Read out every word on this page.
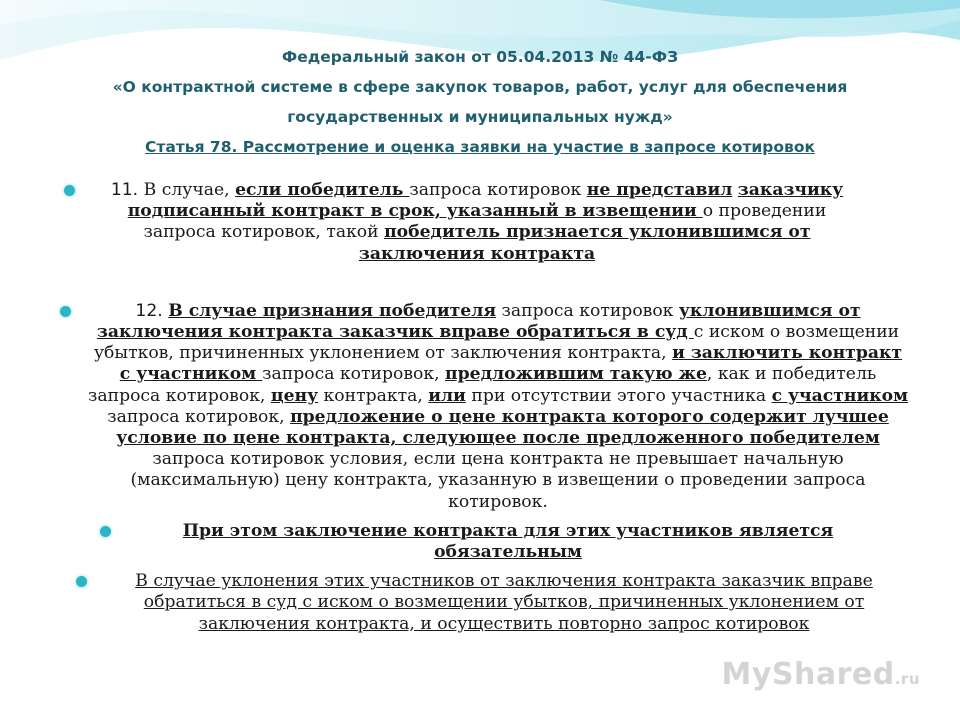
Федеральный закон от 05.04.2013 № 44-ФЗ
«О контрактной системе в сфере закупок товаров, работ, услуг для обеспечения
государственных и муниципальных нужд»
Статья 78. Рассмотрение и оценка заявки на участие в запросе котировок
11. В случае, если победитель запроса котировок не представил заказчику подписанный контракт в срок, указанный в извещении о проведении запроса котировок, такой победитель признается уклонившимся от заключения контракта
12. В случае признания победителя запроса котировок уклонившимся от заключения контракта заказчик вправе обратиться в суд с иском о возмещении убытков, причиненных уклонением от заключения контракта, и заключить контракт с участником запроса котировок, предложившим такую же, как и победитель запроса котировок, цену контракта, или при отсутствии этого участника с участником запроса котировок, предложение о цене контракта которого содержит лучшее условие по цене контракта, следующее после предложенного победителем запроса котировок условия, если цена контракта не превышает начальную (максимальную) цену контракта, указанную в извещении о проведении запроса котировок.
При этом заключение контракта для этих участников является обязательным
В случае уклонения этих участников от заключения контракта заказчик вправе обратиться в суд с иском о возмещении убытков, причиненных уклонением от заключения контракта, и осуществить повторно запрос котировок
MyShared.ru
